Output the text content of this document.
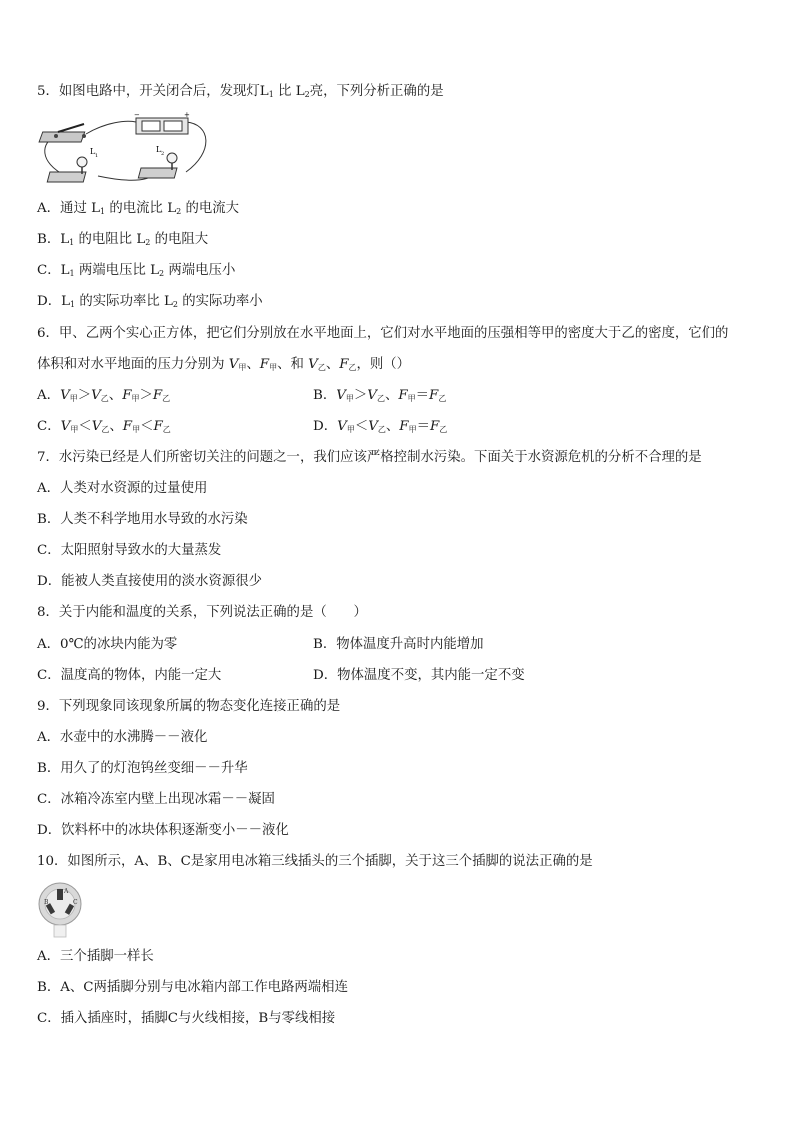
5．如图电路中，开关闭合后，发现灯$L_1$ 比 $L_2$亮，下列分析正确的是
−	+
L 1
L 2
A．通过 $L_1$ 的电流比 $L_2$ 的电流大
B．$L_1$ 的电阻比 $L_2$ 的电阻大
C．$L_1$ 两端电压比 $L_2$ 两端电压小
D．$L_1$ 的实际功率比 $L_2$ 的实际功率小
6．甲、乙两个实心正方体，把它们分别放在水平地面上，它们对水平地面的压强相等甲的密度大于乙的密度，它们的
体积和对水平地面的压力分别为 $V_甲$、$F_甲$、和 $V_乙$、$F_乙$，则（）
A．$V_甲>V_乙$、$F_甲>F_乙$	B．$V_甲>V_乙$、$F_甲=F_乙$
C．$V_甲<V_乙$、$F_甲<F_乙$	D．$V_甲<V_乙$、$F_甲=F_乙$
7．水污染已经是人们所密切关注的问题之一，我们应该严格控制水污染。下面关于水资源危机的分析不合理的是
A．人类对水资源的过量使用
B．人类不科学地用水导致的水污染
C．太阳照射导致水的大量蒸发
D．能被人类直接使用的淡水资源很少
8．关于内能和温度的关系，下列说法正确的是（　　）
A．0℃的冰块内能为零	B．物体温度升高时内能增加
C．温度高的物体，内能一定大	D．物体温度不变，其内能一定不变
9．下列现象同该现象所属的物态变化连接正确的是
A．水壶中的水沸腾－－液化
B．用久了的灯泡钨丝变细－－升华
C．冰箱冷冻室内壁上出现冰霜－－凝固
D．饮料杯中的冰块体积逐渐变小－－液化
10．如图所示，A、B、C是家用电冰箱三线插头的三个插脚，关于这三个插脚的说法正确的是
A
B	C
A．三个插脚一样长
B．A、C两插脚分别与电冰箱内部工作电路两端相连
C．插入插座时，插脚C与火线相接，B与零线相接
